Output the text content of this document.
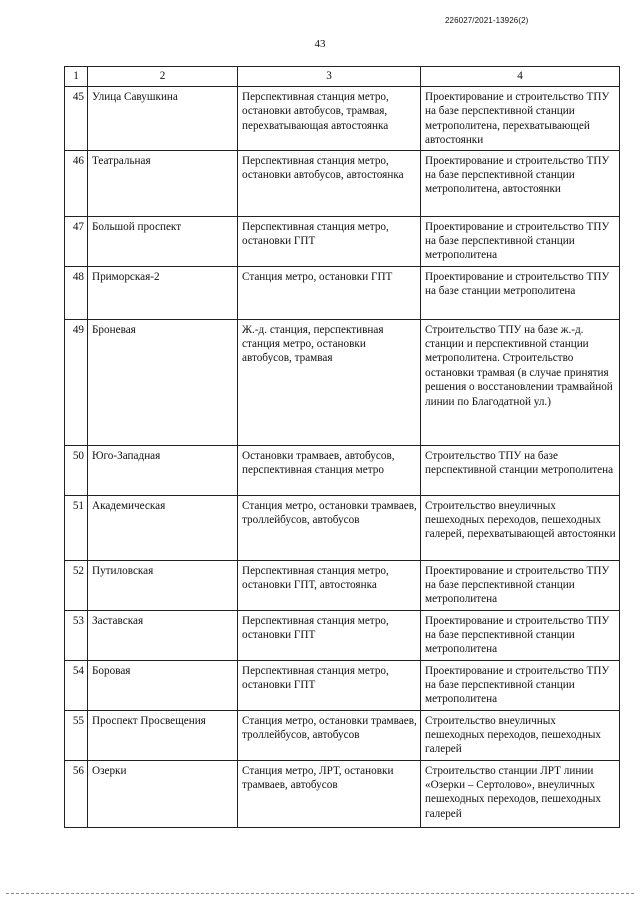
226027/2021-13926(2)
43
1	2	3	4
45	Улица Савушкина	Перспективная станция метро, остановки автобусов, трамвая, перехватывающая автостоянка	Проектирование и строительство ТПУ на базе перспективной станции метрополитена, перехватывающей автостоянки
46	Театральная	Перспективная станция метро, остановки автобусов, автостоянка	Проектирование и строительство ТПУ на базе перспективной станции метрополитена, автостоянки
47	Большой проспект	Перспективная станция метро, остановки ГПТ	Проектирование и строительство ТПУ на базе перспективной станции метрополитена
48	Приморская-2	Станция метро, остановки ГПТ	Проектирование и строительство ТПУ на базе станции метрополитена
49	Броневая	Ж.-д. станция, перспективная станция метро, остановки автобусов, трамвая	Строительство ТПУ на базе ж.-д. станции и перспективной станции метрополитена. Строительство остановки трамвая (в случае принятия решения о восстановлении трамвайной линии по Благодатной ул.)
50	Юго-Западная	Остановки трамваев, автобусов, перспективная станция метро	Строительство ТПУ на базе перспективной станции метрополитена
51	Академическая	Станция метро, остановки трамваев, троллейбусов, автобусов	Строительство внеуличных пешеходных переходов, пешеходных галерей, перехватывающей автостоянки
52	Путиловская	Перспективная станция метро, остановки ГПТ, автостоянка	Проектирование и строительство ТПУ на базе перспективной станции метрополитена
53	Заставская	Перспективная станция метро, остановки ГПТ	Проектирование и строительство ТПУ на базе перспективной станции метрополитена
54	Боровая	Перспективная станция метро, остановки ГПТ	Проектирование и строительство ТПУ на базе перспективной станции метрополитена
55	Проспект Просвещения	Станция метро, остановки трамваев, троллейбусов, автобусов	Строительство внеуличных пешеходных переходов, пешеходных галерей
56	Озерки	Станция метро, ЛРТ, остановки трамваев, автобусов	Строительство станции ЛРТ линии «Озерки – Сертолово», внеуличных пешеходных переходов, пешеходных галерей
